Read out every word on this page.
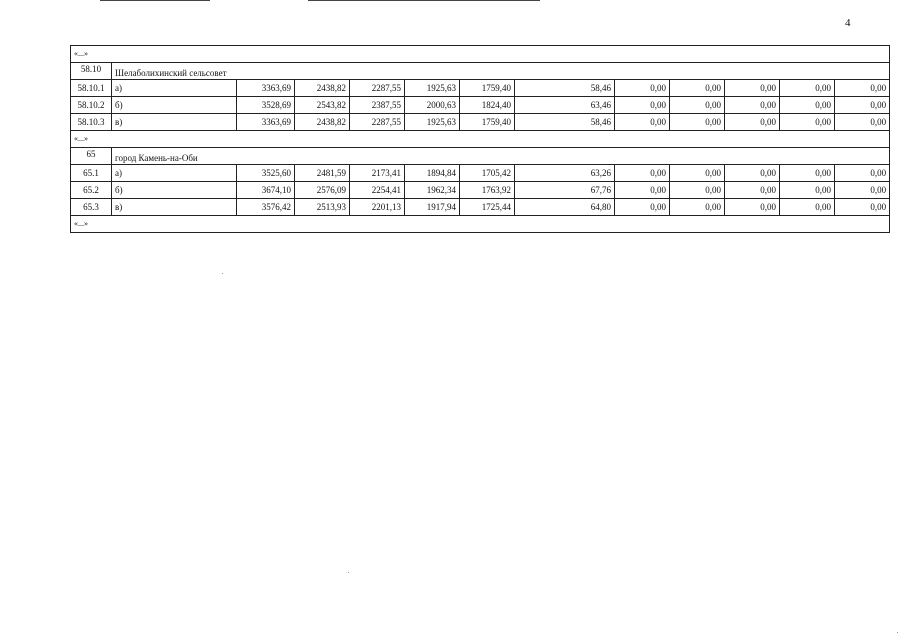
4
«...»												
58.10	Шелаболихинский сельсовет											
58.10.1	а)	3363,69	2438,82	2287,55	1925,63	1759,40	58,46	0,00	0,00	0,00	0,00	0,00
58.10.2	б)	3528,69	2543,82	2387,55	2000,63	1824,40	63,46	0,00	0,00	0,00	0,00	0,00
58.10.3	в)	3363,69	2438,82	2287,55	1925,63	1759,40	58,46	0,00	0,00	0,00	0,00	0,00
«...»												
65	город Камень-на-Оби											
65.1	а)	3525,60	2481,59	2173,41	1894,84	1705,42	63,26	0,00	0,00	0,00	0,00	0,00
65.2	б)	3674,10	2576,09	2254,41	1962,34	1763,92	67,76	0,00	0,00	0,00	0,00	0,00
65.3	в)	3576,42	2513,93	2201,13	1917,94	1725,44	64,80	0,00	0,00	0,00	0,00	0,00
«...»												
